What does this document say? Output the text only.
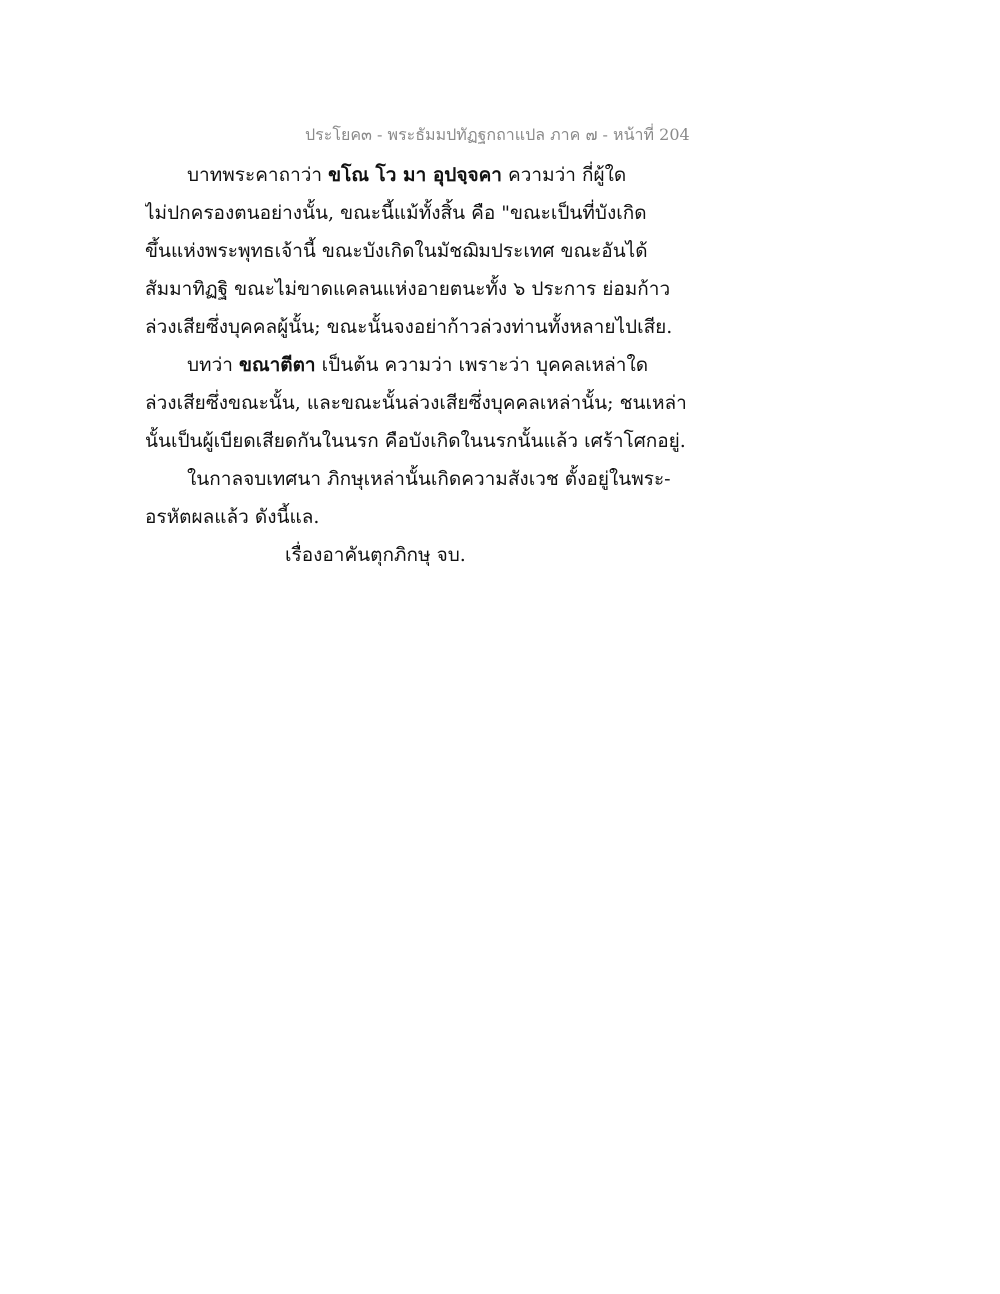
ประโยค๓ - พระธัมมปทัฏฐกถาแปล ภาค ๗ - หน้าที่ 204
บาทพระคาถาว่า ขโณ โว มา อุปจฺจคา ความว่า กี่ผู้ใด
ไม่ปกครองตนอย่างนั้น, ขณะนี้แม้ทั้งสิ้น คือ "ขณะเป็นที่บังเกิด
ขึ้นแห่งพระพุทธเจ้านี้ ขณะบังเกิดในมัชฌิมประเทศ ขณะอันได้
สัมมาทิฏฐิ ขณะไม่ขาดแคลนแห่งอายตนะทั้ง ๖ ประการ ย่อมก้าว
ล่วงเสียซึ่งบุคคลผู้นั้น; ขณะนั้นจงอย่าก้าวล่วงท่านทั้งหลายไปเสีย.
บทว่า ขณาตีตา เป็นต้น ความว่า เพราะว่า บุคคลเหล่าใด
ล่วงเสียซึ่งขณะนั้น, และขณะนั้นล่วงเสียซึ่งบุคคลเหล่านั้น; ชนเหล่า
นั้นเป็นผู้เบียดเสียดกันในนรก คือบังเกิดในนรกนั้นแล้ว เศร้าโศกอยู่.
ในกาลจบเทศนา ภิกษุเหล่านั้นเกิดความสังเวช ตั้งอยู่ในพระ-
อรหัตผลแล้ว ดังนี้แล.
เรื่องอาคันตุกภิกษุ จบ.
